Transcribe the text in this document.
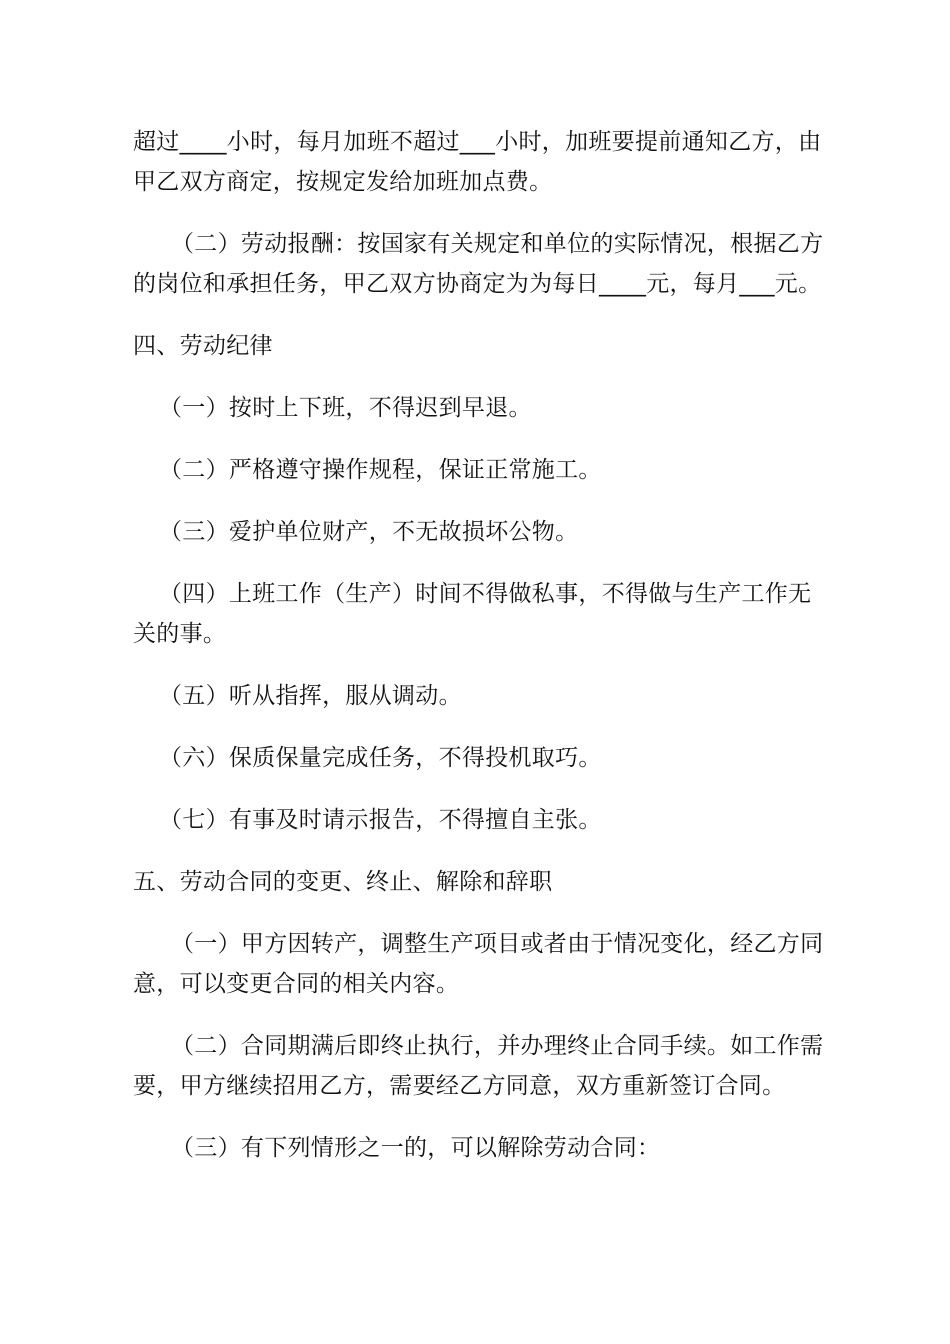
超过____小时，每月加班不超过___小时，加班要提前通知乙方，由甲乙双方商定，按规定发给加班加点费。

（二）劳动报酬：按国家有关规定和单位的实际情况，根据乙方的岗位和承担任务，甲乙双方协商定为为每日____元，每月___元。

四、劳动纪律

（一）按时上下班，不得迟到早退。

（二）严格遵守操作规程，保证正常施工。

（三）爱护单位财产，不无故损坏公物。

（四）上班工作（生产）时间不得做私事，不得做与生产工作无关的事。

（五）听从指挥，服从调动。

（六）保质保量完成任务，不得投机取巧。

（七）有事及时请示报告，不得擅自主张。

五、劳动合同的变更、终止、解除和辞职

（一）甲方因转产，调整生产项目或者由于情况变化，经乙方同意，可以变更合同的相关内容。

（二）合同期满后即终止执行，并办理终止合同手续。如工作需要，甲方继续招用乙方，需要经乙方同意，双方重新签订合同。

（三）有下列情形之一的，可以解除劳动合同：
